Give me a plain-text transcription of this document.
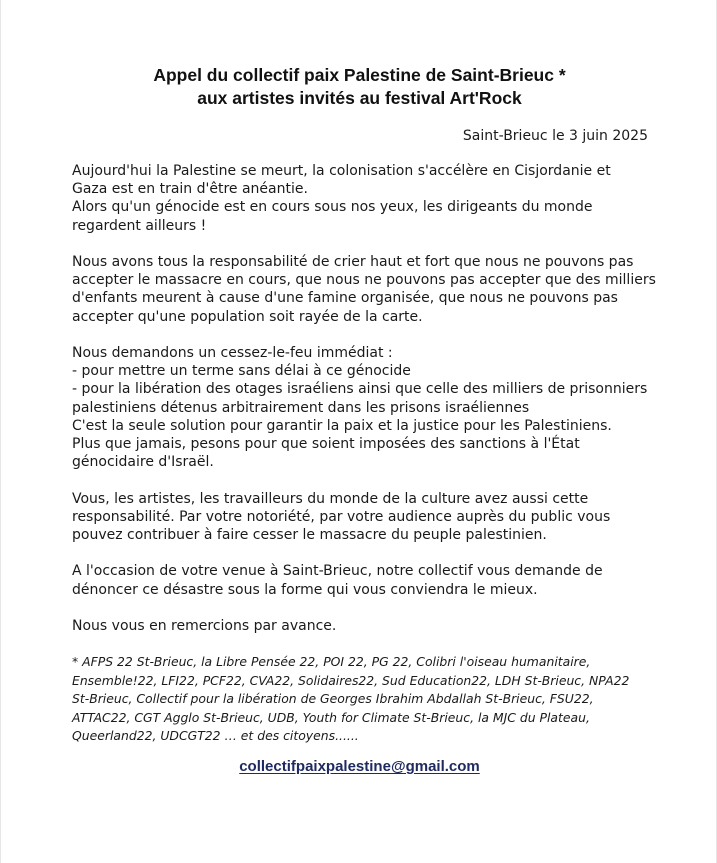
Appel du collectif paix Palestine de Saint-Brieuc *
aux artistes invités au festival Art'Rock
Saint-Brieuc le 3 juin 2025

Aujourd'hui la Palestine se meurt, la colonisation s'accélère en Cisjordanie et
Gaza est en train d'être anéantie.
Alors qu'un génocide est en cours sous nos yeux, les dirigeants du monde
regardent ailleurs !

Nous avons tous la responsabilité de crier haut et fort que nous ne pouvons pas
accepter le massacre en cours, que nous ne pouvons pas accepter que des milliers
d'enfants meurent à cause d'une famine organisée, que nous ne pouvons pas
accepter qu'une population soit rayée de la carte.

Nous demandons un cessez-le-feu immédiat :
- pour mettre un terme sans délai à ce génocide
- pour la libération des otages israéliens ainsi que celle des milliers de prisonniers
palestiniens détenus arbitrairement dans les prisons israéliennes
C'est la seule solution pour garantir la paix et la justice pour les Palestiniens.
Plus que jamais, pesons pour que soient imposées des sanctions à l'État
génocidaire d'Israël.

Vous, les artistes, les travailleurs du monde de la culture avez aussi cette
responsabilité. Par votre notoriété, par votre audience auprès du public vous
pouvez contribuer à faire cesser le massacre du peuple palestinien.

A l'occasion de votre venue à Saint-Brieuc, notre collectif vous demande de
dénoncer ce désastre sous la forme qui vous conviendra le mieux.

Nous vous en remercions par avance.

* AFPS 22 St-Brieuc, la Libre Pensée 22, POI 22, PG 22, Colibri l'oiseau humanitaire,
Ensemble!22, LFI22, PCF22, CVA22, Solidaires22, Sud Education22, LDH St-Brieuc, NPA22
St-Brieuc, Collectif pour la libération de Georges Ibrahim Abdallah St-Brieuc, FSU22,
ATTAC22, CGT Agglo St-Brieuc, UDB, Youth for Climate St-Brieuc, la MJC du Plateau,
Queerland22, UDCGT22 … et des citoyens......
collectifpaixpalestine@gmail.com
